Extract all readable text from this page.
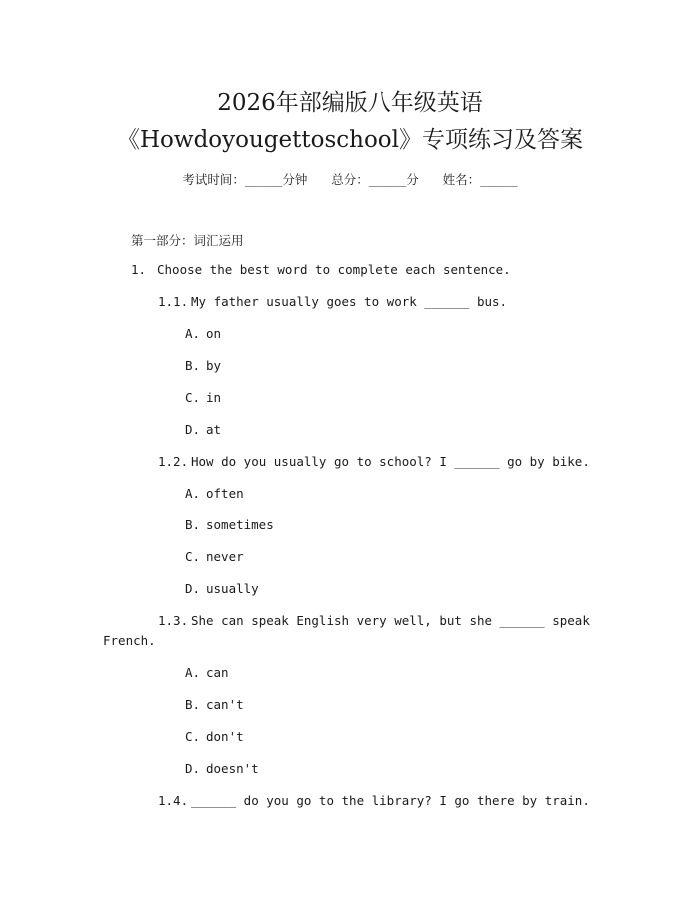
2026年部编版八年级英语
《Howdoyougettoschool》专项练习及答案
考试时间：______分钟 总分：______分 姓名：______
第一部分：词汇运用
1. Choose the best word to complete each sentence.
1.1. My father usually goes to work ______ bus.
A. on
B. by
C. in
D. at
1.2. How do you usually go to school? I ______ go by bike.
A. often
B. sometimes
C. never
D. usually
1.3. She can speak English very well, but she ______ speak
French.
A. can
B. can't
C. don't
D. doesn't
1.4. ______ do you go to the library? I go there by train.
